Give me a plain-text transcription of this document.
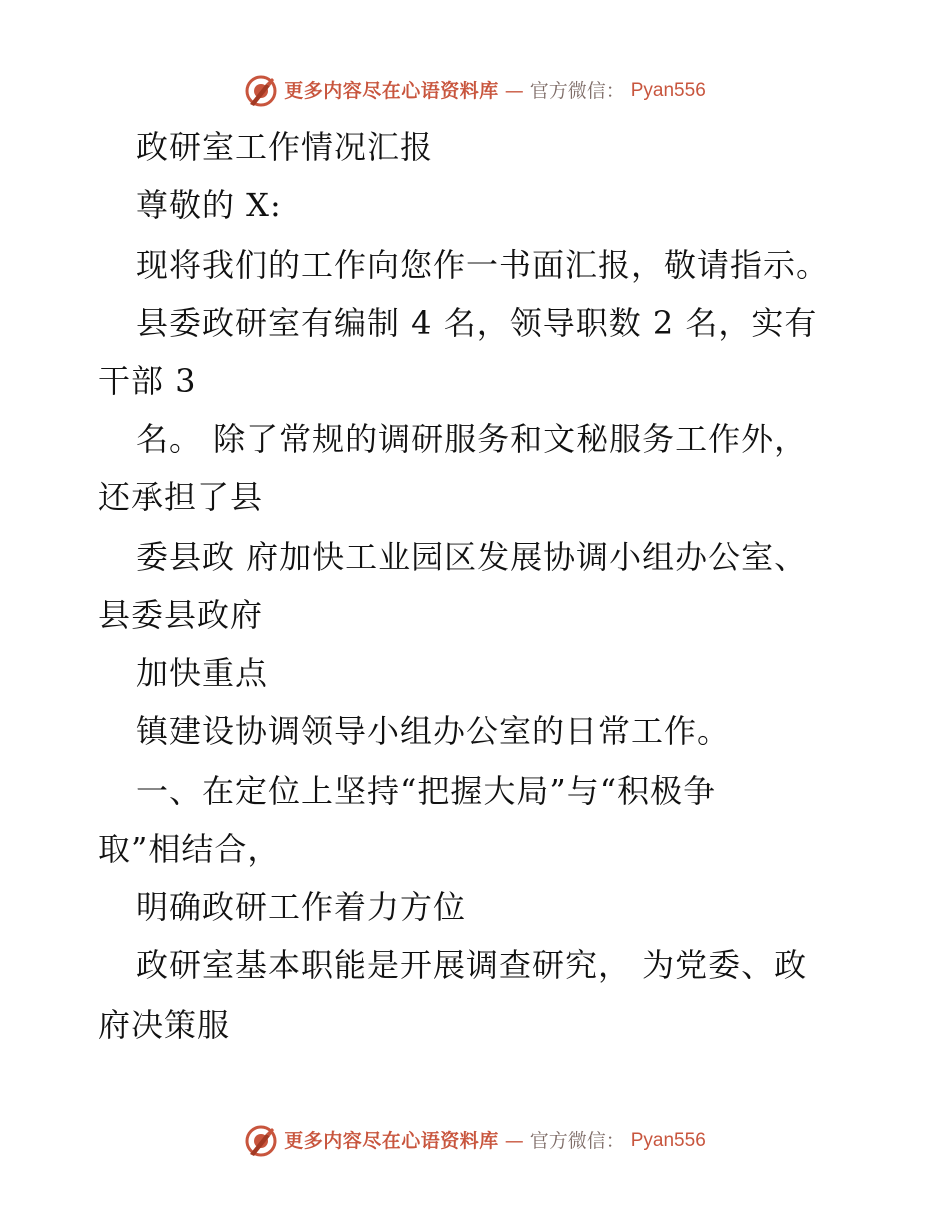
更多内容尽在心语资料库 — 官方微信： Pyan556
政研室工作情况汇报
尊敬的 X:
现将我们的工作向您作一书面汇报，敬请指示。
县委政研室有编制 4 名，领导职数 2 名，实有
干部 3
名。 除了常规的调研服务和文秘服务工作外，
还承担了县
委县政 府加快工业园区发展协调小组办公室、
县委县政府
加快重点
镇建设协调领导小组办公室的日常工作。
一、在定位上坚持“把握大局”与“积极争
取”相结合，
明确政研工作着力方位
政研室基本职能是开展调查研究， 为党委、政
府决策服
更多内容尽在心语资料库 — 官方微信： Pyan556
